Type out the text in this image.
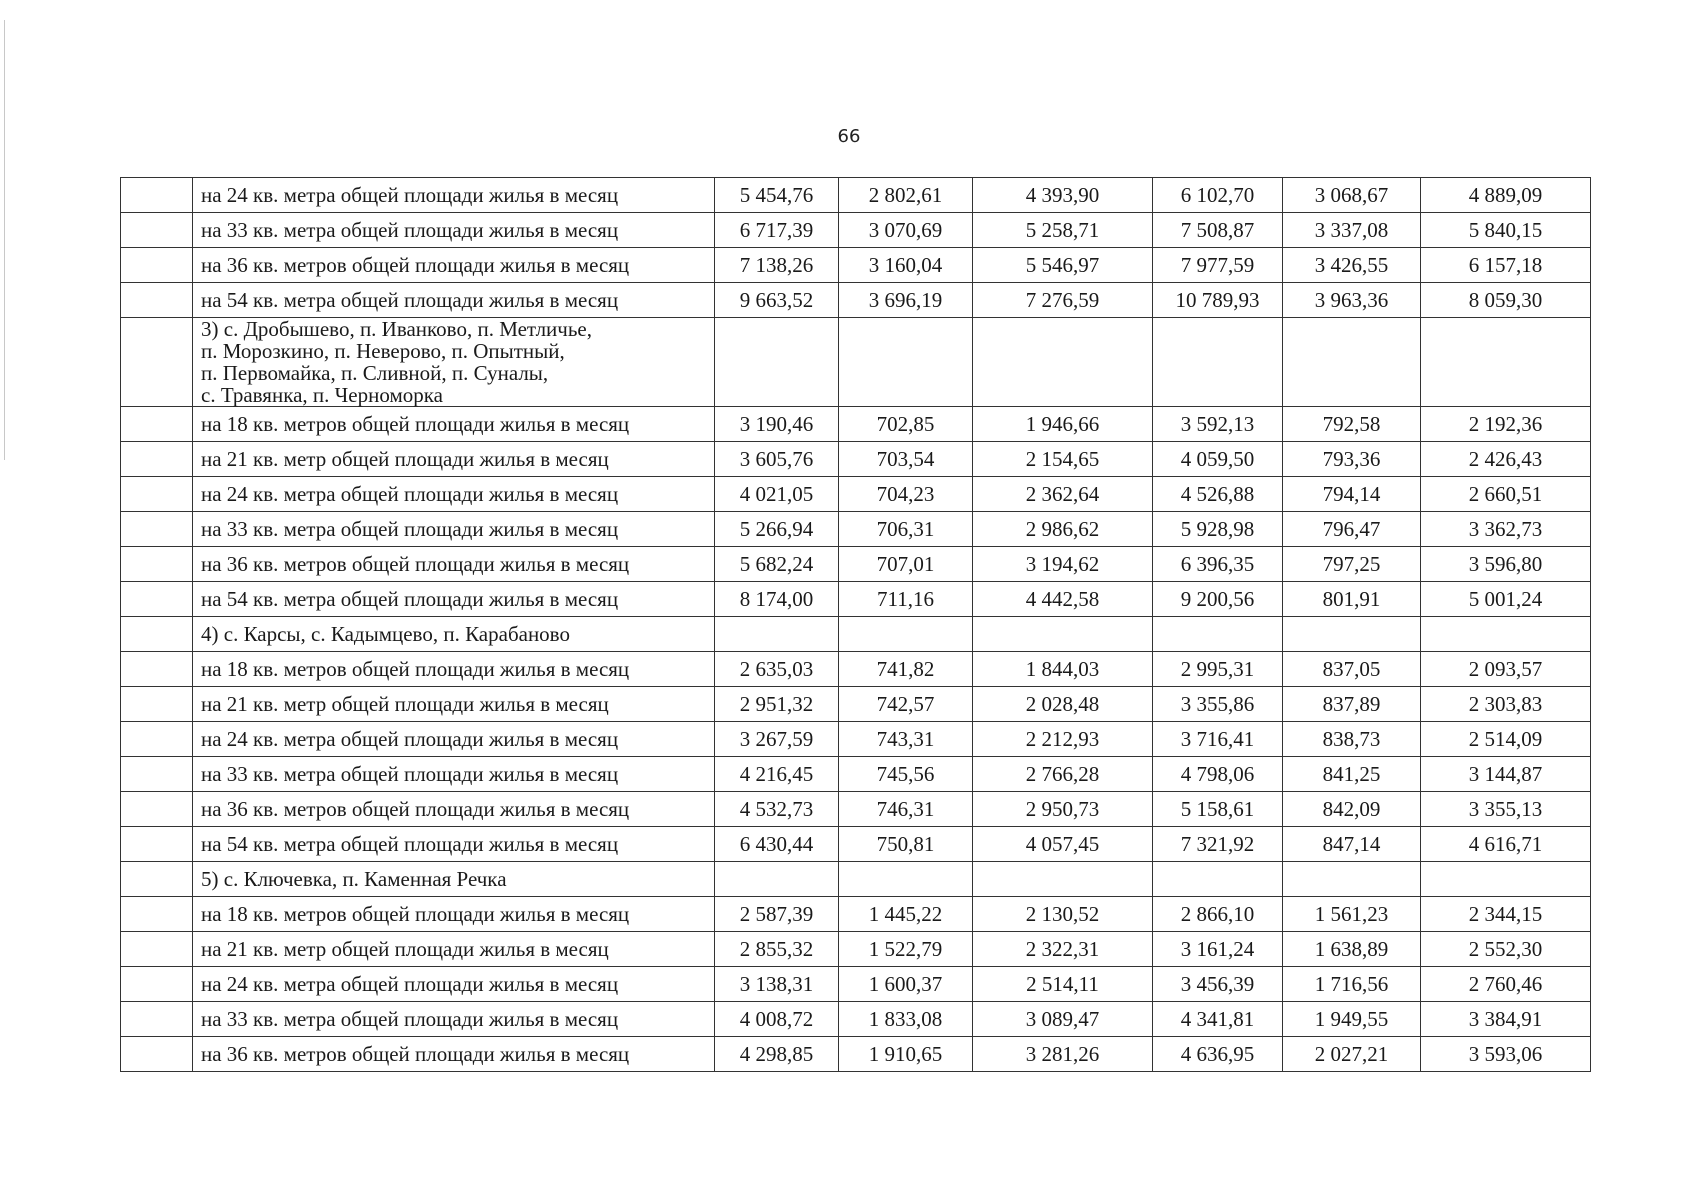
66
	на 24 кв. метра общей площади жилья в месяц	5 454,76	2 802,61	4 393,90	6 102,70	3 068,67	4 889,09
	на 33 кв. метра общей площади жилья в месяц	6 717,39	3 070,69	5 258,71	7 508,87	3 337,08	5 840,15
	на 36 кв. метров общей площади жилья в месяц	7 138,26	3 160,04	5 546,97	7 977,59	3 426,55	6 157,18
	на 54 кв. метра общей площади жилья в месяц	9 663,52	3 696,19	7 276,59	10 789,93	3 963,36	8 059,30

	3) с. Дробышево, п. Иванково, п. Метличье,
п. Морозкино, п. Неверово, п. Опытный,
п. Первомайка, п. Сливной, п. Суналы,
с. Травянка, п. Черноморка						

	на 18 кв. метров общей площади жилья в месяц	3 190,46	702,85	1 946,66	3 592,13	792,58	2 192,36
	на 21 кв. метр общей площади жилья в месяц	3 605,76	703,54	2 154,65	4 059,50	793,36	2 426,43
	на 24 кв. метра общей площади жилья в месяц	4 021,05	704,23	2 362,64	4 526,88	794,14	2 660,51
	на 33 кв. метра общей площади жилья в месяц	5 266,94	706,31	2 986,62	5 928,98	796,47	3 362,73
	на 36 кв. метров общей площади жилья в месяц	5 682,24	707,01	3 194,62	6 396,35	797,25	3 596,80
	на 54 кв. метра общей площади жилья в месяц	8 174,00	711,16	4 442,58	9 200,56	801,91	5 001,24

	4) с. Карсы, с. Кадымцево, п. Карабаново						

	на 18 кв. метров общей площади жилья в месяц	2 635,03	741,82	1 844,03	2 995,31	837,05	2 093,57
	на 21 кв. метр общей площади жилья в месяц	2 951,32	742,57	2 028,48	3 355,86	837,89	2 303,83
	на 24 кв. метра общей площади жилья в месяц	3 267,59	743,31	2 212,93	3 716,41	838,73	2 514,09
	на 33 кв. метра общей площади жилья в месяц	4 216,45	745,56	2 766,28	4 798,06	841,25	3 144,87
	на 36 кв. метров общей площади жилья в месяц	4 532,73	746,31	2 950,73	5 158,61	842,09	3 355,13
	на 54 кв. метра общей площади жилья в месяц	6 430,44	750,81	4 057,45	7 321,92	847,14	4 616,71

	5) с. Ключевка, п. Каменная Речка						

	на 18 кв. метров общей площади жилья в месяц	2 587,39	1 445,22	2 130,52	2 866,10	1 561,23	2 344,15
	на 21 кв. метр общей площади жилья в месяц	2 855,32	1 522,79	2 322,31	3 161,24	1 638,89	2 552,30
	на 24 кв. метра общей площади жилья в месяц	3 138,31	1 600,37	2 514,11	3 456,39	1 716,56	2 760,46
	на 33 кв. метра общей площади жилья в месяц	4 008,72	1 833,08	3 089,47	4 341,81	1 949,55	3 384,91
	на 36 кв. метров общей площади жилья в месяц	4 298,85	1 910,65	3 281,26	4 636,95	2 027,21	3 593,06
